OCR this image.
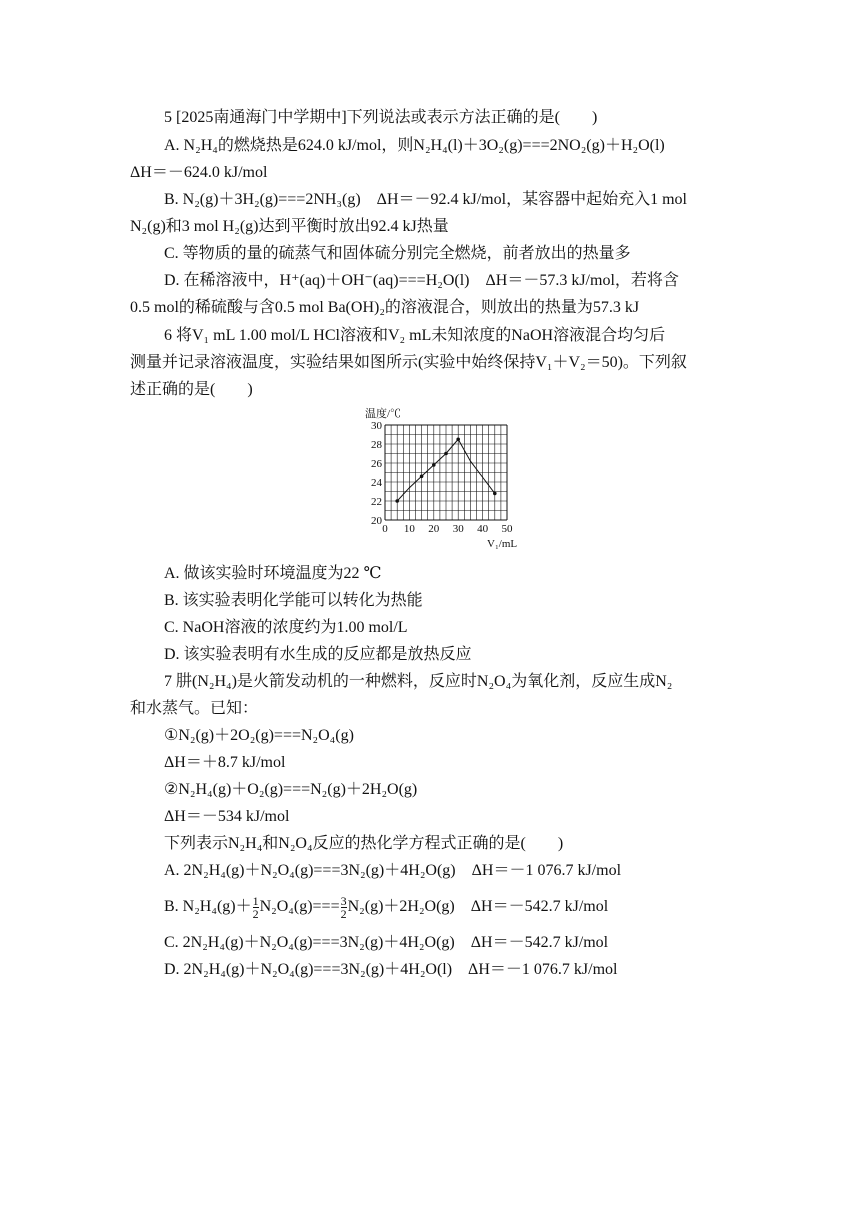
5 [2025南通海门中学期中]下列说法或表示方法正确的是(　　)
A. N₂H₄的燃烧热是624.0 kJ/mol，则N₂H₄(l)＋3O₂(g)===2NO₂(g)＋H₂O(l)
ΔH＝－624.0 kJ/mol
B. N₂(g)＋3H₂(g)===2NH₃(g)　ΔH＝－92.4 kJ/mol，某容器中起始充入1 mol
N₂(g)和3 mol H₂(g)达到平衡时放出92.4 kJ热量
C. 等物质的量的硫蒸气和固体硫分别完全燃烧，前者放出的热量多
D. 在稀溶液中，H⁺(aq)＋OH⁻(aq)===H₂O(l)　ΔH＝－57.3 kJ/mol，若将含
0.5 mol的稀硫酸与含0.5 mol Ba(OH)₂的溶液混合，则放出的热量为57.3 kJ
6 将V₁ mL 1.00 mol/L HCl溶液和V₂ mL未知浓度的NaOH溶液混合均匀后
测量并记录溶液温度，实验结果如图所示(实验中始终保持V₁＋V₂＝50)。下列叙
述正确的是(　　)
0 10 20 30 40 50
20
22
24
26
28
30
温度/℃
V₁/mL
A. 做该实验时环境温度为22 ℃
B. 该实验表明化学能可以转化为热能
C. NaOH溶液的浓度约为1.00 mol/L
D. 该实验表明有水生成的反应都是放热反应
7 肼(N₂H₄)是火箭发动机的一种燃料，反应时N₂O₄为氧化剂，反应生成N₂
和水蒸气。已知：
①N₂(g)＋2O₂(g)===N₂O₄(g)
ΔH＝＋8.7 kJ/mol
②N₂H₄(g)＋O₂(g)===N₂(g)＋2H₂O(g)
ΔH＝－534 kJ/mol
下列表示N₂H₄和N₂O₄反应的热化学方程式正确的是(　　)
A. 2N₂H₄(g)＋N₂O₄(g)===3N₂(g)＋4H₂O(g)　ΔH＝－1 076.7 kJ/mol
B. $N_2H_4(g)+ \frac{1}{2} N_2O_4(g)=== \frac{3}{2} N_2(g)+2H_2O(g)$　ΔH＝－542.7 kJ/mol
C. 2N₂H₄(g)＋N₂O₄(g)===3N₂(g)＋4H₂O(g)　ΔH＝－542.7 kJ/mol
D. 2N₂H₄(g)＋N₂O₄(g)===3N₂(g)＋4H₂O(l)　ΔH＝－1 076.7 kJ/mol
